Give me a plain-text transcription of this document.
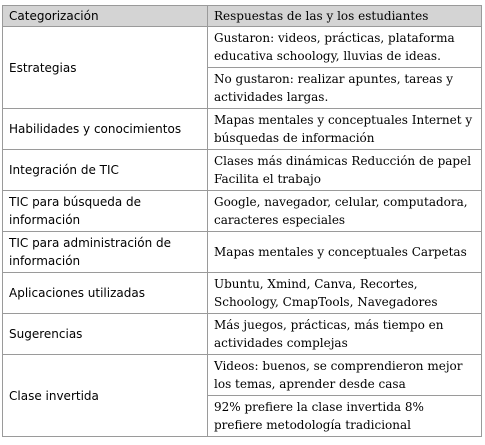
Categorización	Respuestas de las y los estudiantes
Estrategias	Gustaron: videos, prácticas, plataforma educativa schoology, lluvias de ideas.
	No gustaron: realizar apuntes, tareas y actividades largas.
Habilidades y conocimientos	Mapas mentales y conceptuales Internet y búsquedas de información
Integración de TIC	Clases más dinámicas Reducción de papel Facilita el trabajo
TIC para búsqueda de información	Google, navegador, celular, computadora, caracteres especiales
TIC para administración de información	Mapas mentales y conceptuales Carpetas
Aplicaciones utilizadas	Ubuntu, Xmind, Canva, Recortes, Schoology, CmapTools, Navegadores
Sugerencias	Más juegos, prácticas, más tiempo en actividades complejas
Clase invertida	Videos: buenos, se comprendieron mejor los temas, aprender desde casa
	92% prefiere la clase invertida 8% prefiere metodología tradicional
